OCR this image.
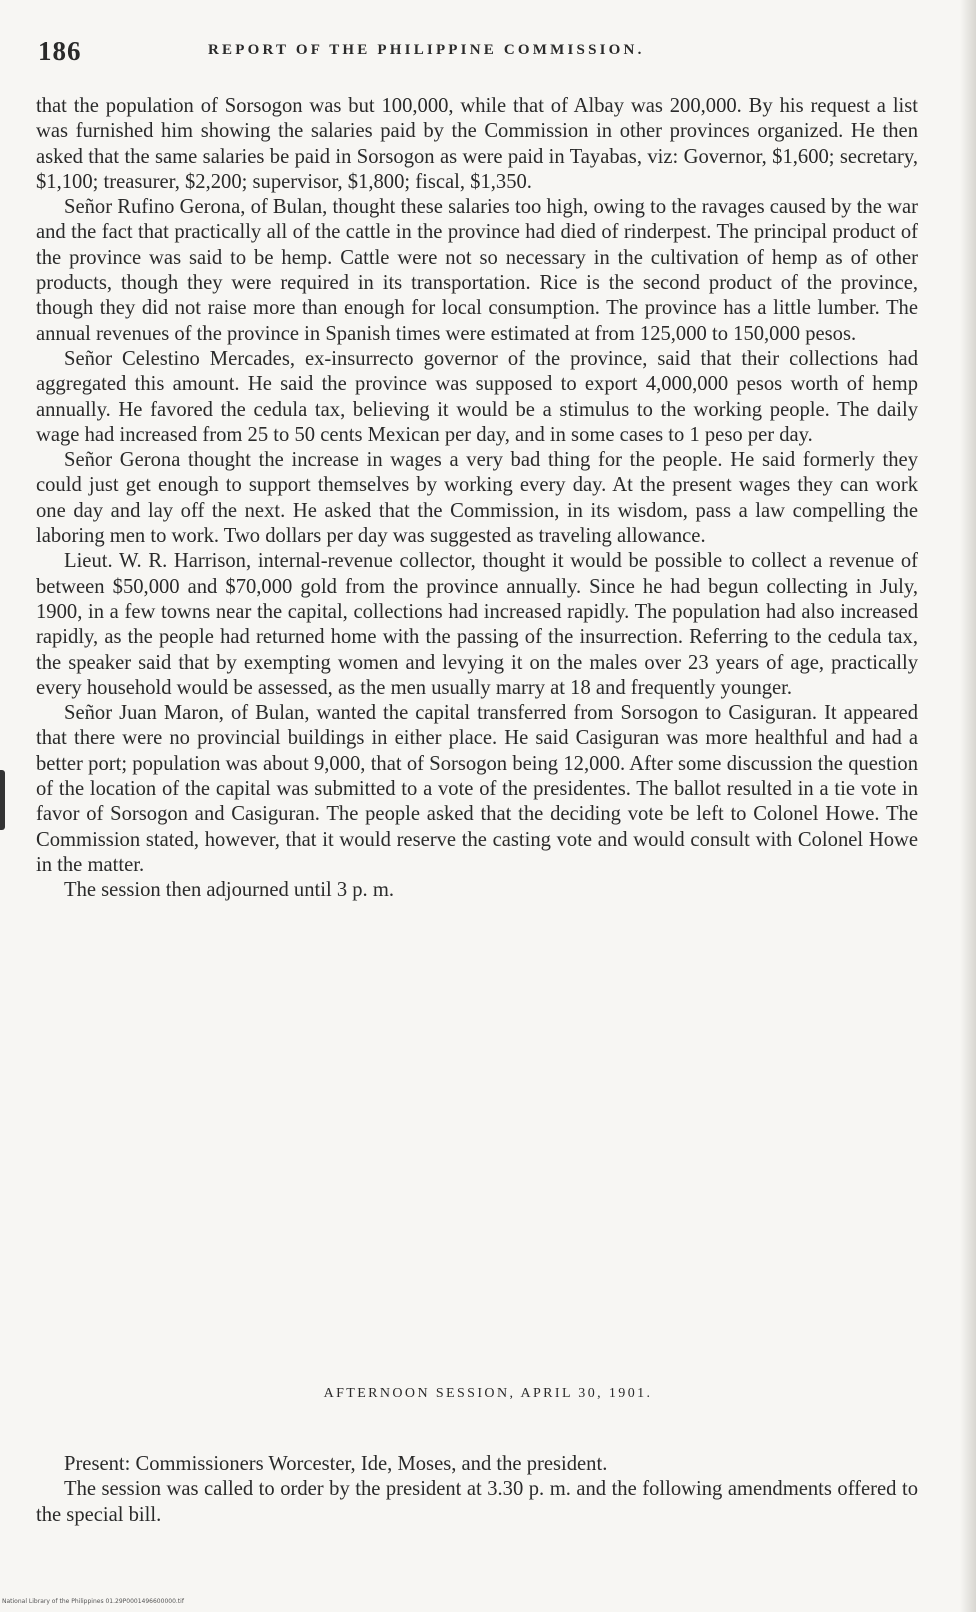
186	REPORT OF THE PHILIPPINE COMMISSION.

that the population of Sorsogon was but 100,000, while that of Albay was 200,000. By his request a list was furnished him showing the salaries paid by the Commission in other provinces organized. He then asked that the same salaries be paid in Sorsogon as were paid in Tayabas, viz: Governor, $1,600; secretary, $1,100; treasurer, $2,200; supervisor, $1,800; fiscal, $1,350.

Señor Rufino Gerona, of Bulan, thought these salaries too high, owing to the ravages caused by the war and the fact that practically all of the cattle in the province had died of rinderpest. The principal product of the province was said to be hemp. Cattle were not so necessary in the cultivation of hemp as of other products, though they were required in its transportation. Rice is the second product of the province, though they did not raise more than enough for local consumption. The province has a little lumber. The annual revenues of the province in Spanish times were estimated at from 125,000 to 150,000 pesos.

Señor Celestino Mercades, ex-insurrecto governor of the province, said that their collections had aggregated this amount. He said the province was supposed to export 4,000,000 pesos worth of hemp annually. He favored the cedula tax, believing it would be a stimulus to the working people. The daily wage had increased from 25 to 50 cents Mexican per day, and in some cases to 1 peso per day.

Señor Gerona thought the increase in wages a very bad thing for the people. He said formerly they could just get enough to support themselves by working every day. At the present wages they can work one day and lay off the next. He asked that the Commission, in its wisdom, pass a law compelling the laboring men to work. Two dollars per day was suggested as traveling allowance.

Lieut. W. R. Harrison, internal-revenue collector, thought it would be possible to collect a revenue of between $50,000 and $70,000 gold from the province annually. Since he had begun collecting in July, 1900, in a few towns near the capital, collections had increased rapidly. The population had also increased rapidly, as the people had returned home with the passing of the insurrection. Referring to the cedula tax, the speaker said that by exempting women and levying it on the males over 23 years of age, practically every household would be assessed, as the men usually marry at 18 and frequently younger.

Señor Juan Maron, of Bulan, wanted the capital transferred from Sorsogon to Casiguran. It appeared that there were no provincial buildings in either place. He said Casiguran was more healthful and had a better port; population was about 9,000, that of Sorsogon being 12,000. After some discussion the question of the location of the capital was submitted to a vote of the presidentes. The ballot resulted in a tie vote in favor of Sorsogon and Casiguran. The people asked that the deciding vote be left to Colonel Howe. The Commission stated, however, that it would reserve the casting vote and would consult with Colonel Howe in the matter.

The session then adjourned until 3 p. m.

AFTERNOON SESSION, APRIL 30, 1901.

Present: Commissioners Worcester, Ide, Moses, and the president.

The session was called to order by the president at 3.30 p. m. and the following amendments offered to the special bill.

National Library of the Philippines 01.29P0001496600000.tif
